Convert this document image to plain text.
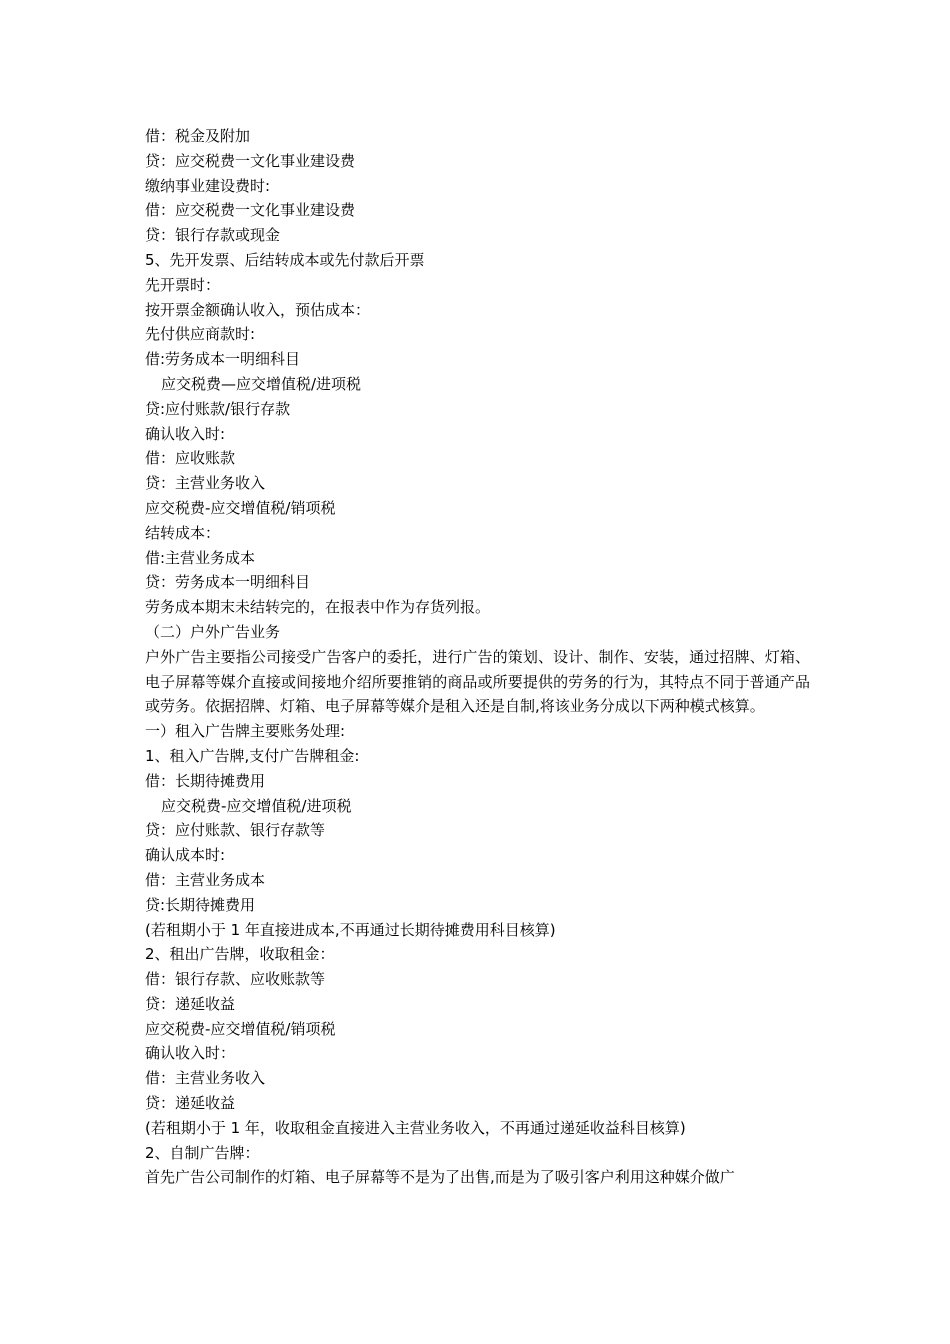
借：税金及附加
贷：应交税费一文化事业建设费
缴纳事业建设费时:
借：应交税费一文化事业建设费
贷：银行存款或现金
5、先开发票、后结转成本或先付款后开票
先开票时：
按开票金额确认收入，预估成本：
先付供应商款时:
借:劳务成本一明细科目
应交税费—应交增值税/进项税
贷:应付账款/银行存款
确认收入时:
借：应收账款
贷：主营业务收入
应交税费-应交增值税/销项税
结转成本：
借:主营业务成本
贷：劳务成本一明细科目
劳务成本期末未结转完的，在报表中作为存货列报。
（二）户外广告业务
户外广告主要指公司接受广告客户的委托，进行广告的策划、设计、制作、安装，通过招牌、灯箱、电子屏幕等媒介直接或间接地介绍所要推销的商品或所要提供的劳务的行为，其特点不同于普通产品或劳务。依据招牌、灯箱、电子屏幕等媒介是租入还是自制,将该业务分成以下两种模式核算。
一）租入广告牌主要账务处理:
1、租入广告牌,支付广告牌租金:
借：长期待摊费用
应交税费-应交增值税/进项税
贷：应付账款、银行存款等
确认成本时:
借：主营业务成本
贷:长期待摊费用
(若租期小于 1 年直接进成本,不再通过长期待摊费用科目核算)
2、租出广告牌，收取租金：
借：银行存款、应收账款等
贷：递延收益
应交税费-应交增值税/销项税
确认收入时：
借：主营业务收入
贷：递延收益
(若租期小于 1 年，收取租金直接进入主营业务收入，不再通过递延收益科目核算)
2、自制广告牌：
首先广告公司制作的灯箱、电子屏幕等不是为了出售,而是为了吸引客户利用这种媒介做广
